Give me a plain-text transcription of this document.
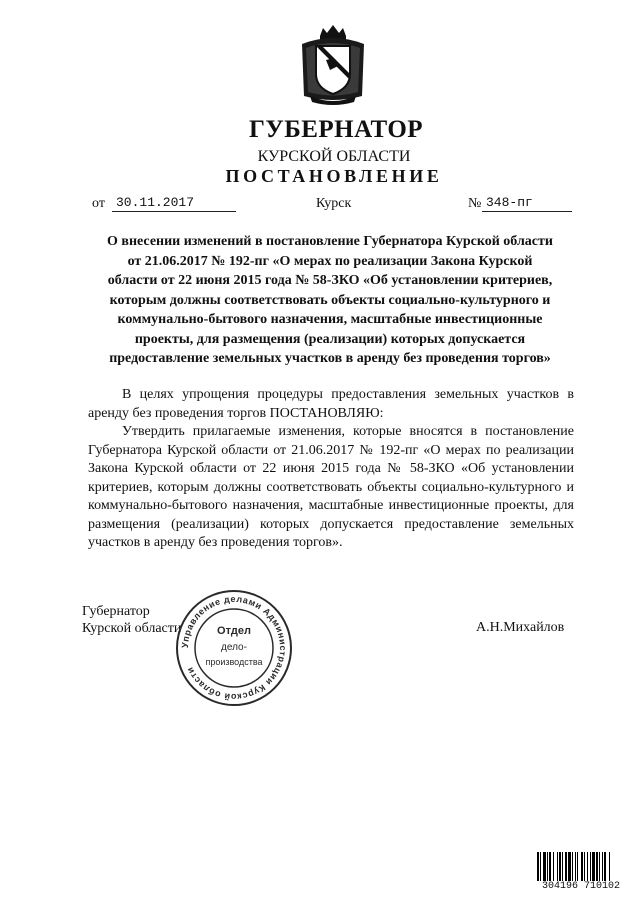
ГУБЕРНАТОР
КУРСКОЙ ОБЛАСТИ
ПОСТАНОВЛЕНИЕ
от 30.11.2017	Курск	№ 348-пг
О внесении изменений в постановление Губернатора Курской области
от 21.06.2017 № 192-пг «О мерах по реализации Закона Курской
области от 22 июня 2015 года № 58-ЗКО «Об установлении критериев,
которым должны соответствовать объекты социально-культурного и
коммунально-бытового назначения, масштабные инвестиционные
проекты, для размещения (реализации) которых допускается
предоставление земельных участков в аренду без проведения торгов»

В целях упрощения процедуры предоставления земельных участков в аренду без проведения торгов ПОСТАНОВЛЯЮ:

Утвердить прилагаемые изменения, которые вносятся в постановление Губернатора Курской области от 21.06.2017 № 192-пг «О мерах по реализации Закона Курской области от 22 июня 2015 года № 58-ЗКО «Об установлении критериев, которым должны соответствовать объекты социально-культурного и коммунально-бытового назначения, масштабные инвестиционные проекты, для размещения (реализации) которых допускается предоставление земельных участков в аренду без проведения торгов».

Губернатор
Курской области	А.Н.Михайлов
Управление делами Администрации Курской области
Отдел
дело-
производства
304196 710102
